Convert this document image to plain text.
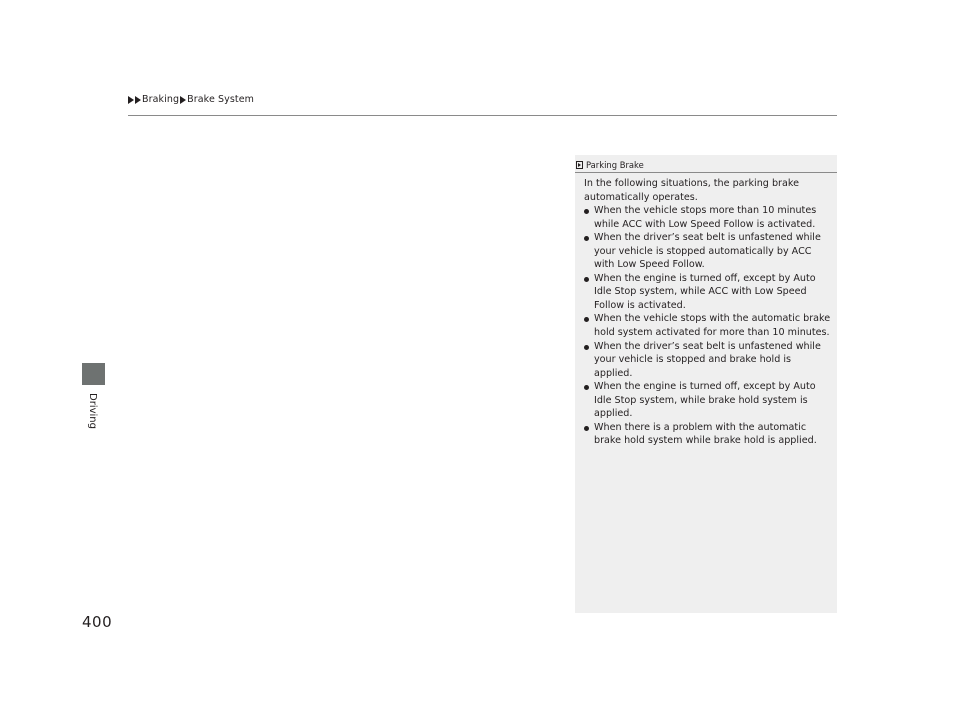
Braking Brake System
Driving
400
Parking Brake

In the following situations, the parking brake automatically operates.

When the vehicle stops more than 10 minutes while ACC with Low Speed Follow is activated.
When the driver’s seat belt is unfastened while your vehicle is stopped automatically by ACC with Low Speed Follow.
When the engine is turned off, except by Auto Idle Stop system, while ACC with Low Speed Follow is activated.
When the vehicle stops with the automatic brake hold system activated for more than 10 minutes.
When the driver’s seat belt is unfastened while your vehicle is stopped and brake hold is applied.
When the engine is turned off, except by Auto Idle Stop system, while brake hold system is applied.
When there is a problem with the automatic brake hold system while brake hold is applied.
